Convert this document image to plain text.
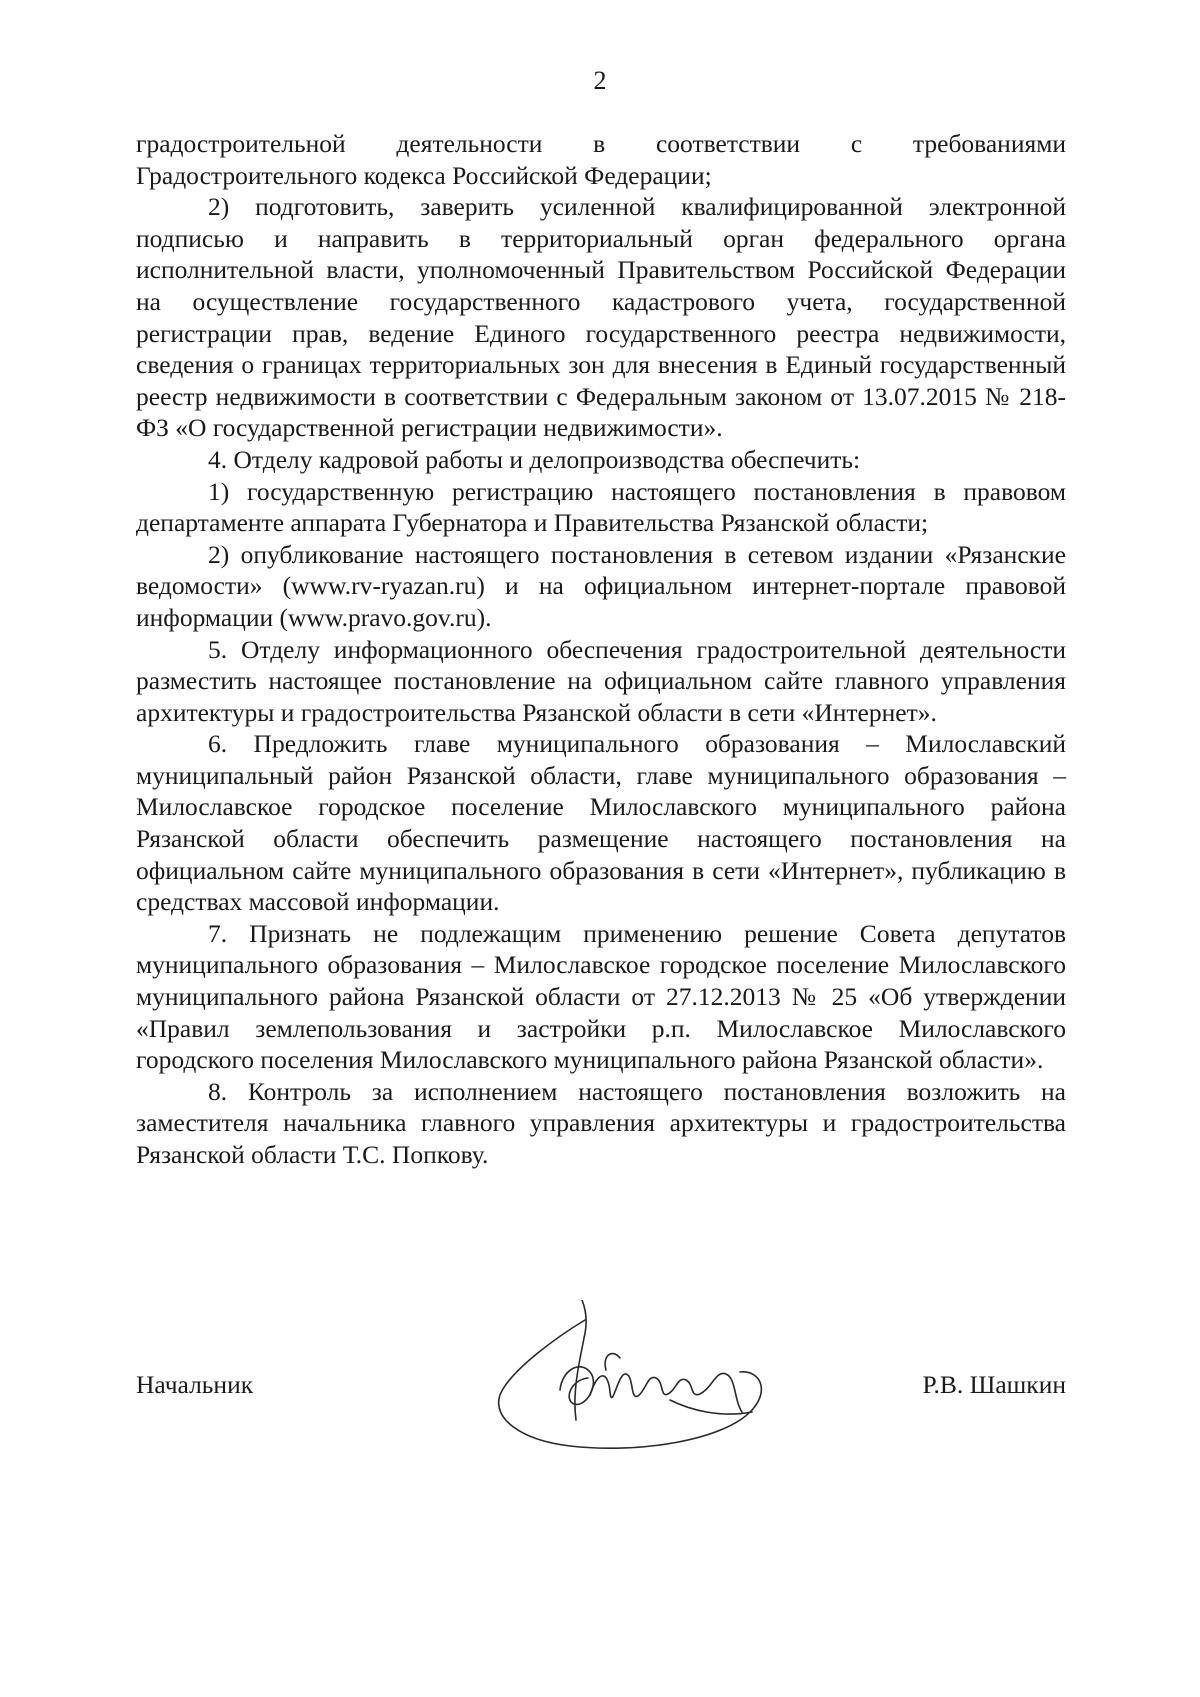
2

градостроительной деятельности в соответствии с требованиями Градостроительного кодекса Российской Федерации;

2) подготовить, заверить усиленной квалифицированной электронной подписью и направить в территориальный орган федерального органа исполнительной власти, уполномоченный Правительством Российской Федерации на осуществление государственного кадастрового учета, государственной регистрации прав, ведение Единого государственного реестра недвижимости, сведения о границах территориальных зон для внесения в Единый государственный реестр недвижимости в соответствии с Федеральным законом от 13.07.2015 № 218-ФЗ «О государственной регистрации недвижимости».

4. Отделу кадровой работы и делопроизводства обеспечить:

1) государственную регистрацию настоящего постановления в правовом департаменте аппарата Губернатора и Правительства Рязанской области;

2) опубликование настоящего постановления в сетевом издании «Рязанские ведомости» (www.rv-ryazan.ru) и на официальном интернет-портале правовой информации (www.pravo.gov.ru).

5. Отделу информационного обеспечения градостроительной деятельности разместить настоящее постановление на официальном сайте главного управления архитектуры и градостроительства Рязанской области в сети «Интернет».

6. Предложить главе муниципального образования – Милославский муниципальный район Рязанской области, главе муниципального образования – Милославское городское поселение Милославского муниципального района Рязанской области обеспечить размещение настоящего постановления на официальном сайте муниципального образования в сети «Интернет», публикацию в средствах массовой информации.

7. Признать не подлежащим применению решение Совета депутатов муниципального образования – Милославское городское поселение Милославского муниципального района Рязанской области от 27.12.2013 № 25 «Об утверждении «Правил землепользования и застройки р.п. Милославское Милославского городского поселения Милославского муниципального района Рязанской области».

8. Контроль за исполнением настоящего постановления возложить на заместителя начальника главного управления архитектуры и градостроительства Рязанской области Т.С. Попкову.

Начальник	Р.В. Шашкин
